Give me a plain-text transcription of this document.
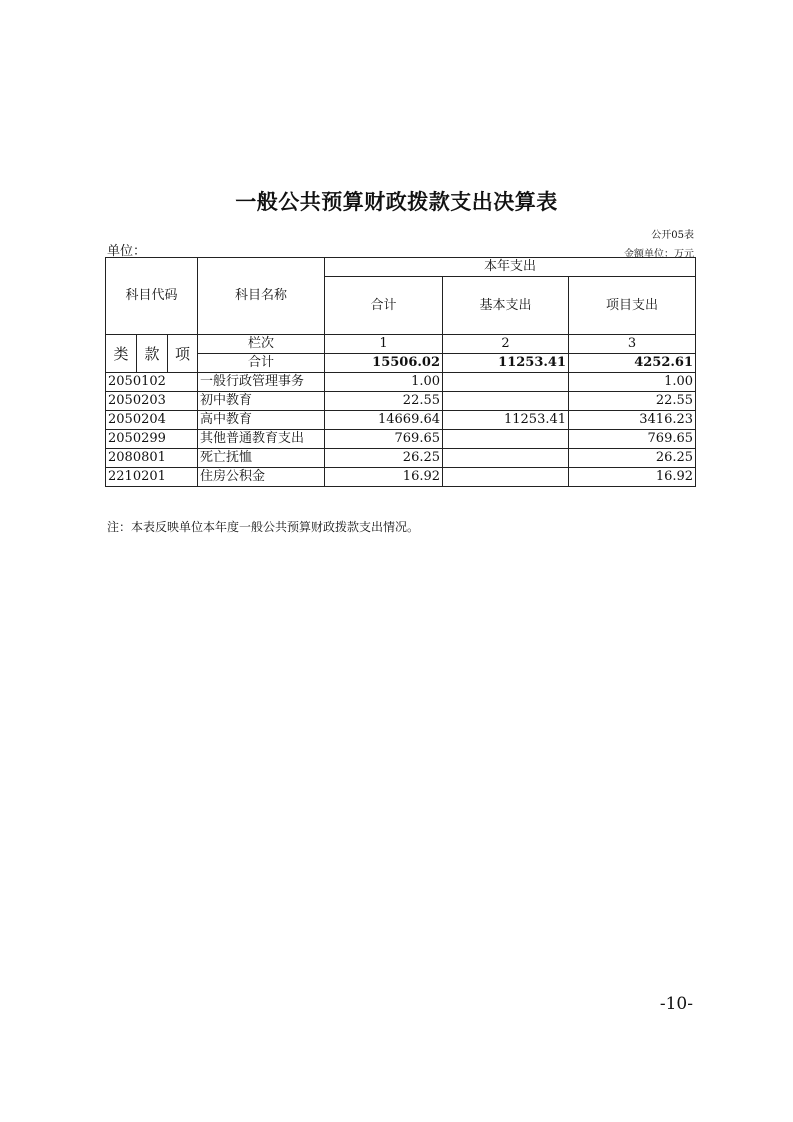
一般公共预算财政拨款支出决算表
公开05表
单位：	金额单位：万元
科目代码			科目名称	本年支出		
				合计	基本支出	项目支出
类	款	项	栏次	1	2	3
			合计	15506.02	11253.41	4252.61
2050102			一般行政管理事务	1.00		1.00
2050203			初中教育	22.55		22.55
2050204			高中教育	14669.64	11253.41	3416.23
2050299			其他普通教育支出	769.65		769.65
2080801			死亡抚恤	26.25		26.25
2210201			住房公积金	16.92		16.92
注：本表反映单位本年度一般公共预算财政拨款支出情况。
-10-
